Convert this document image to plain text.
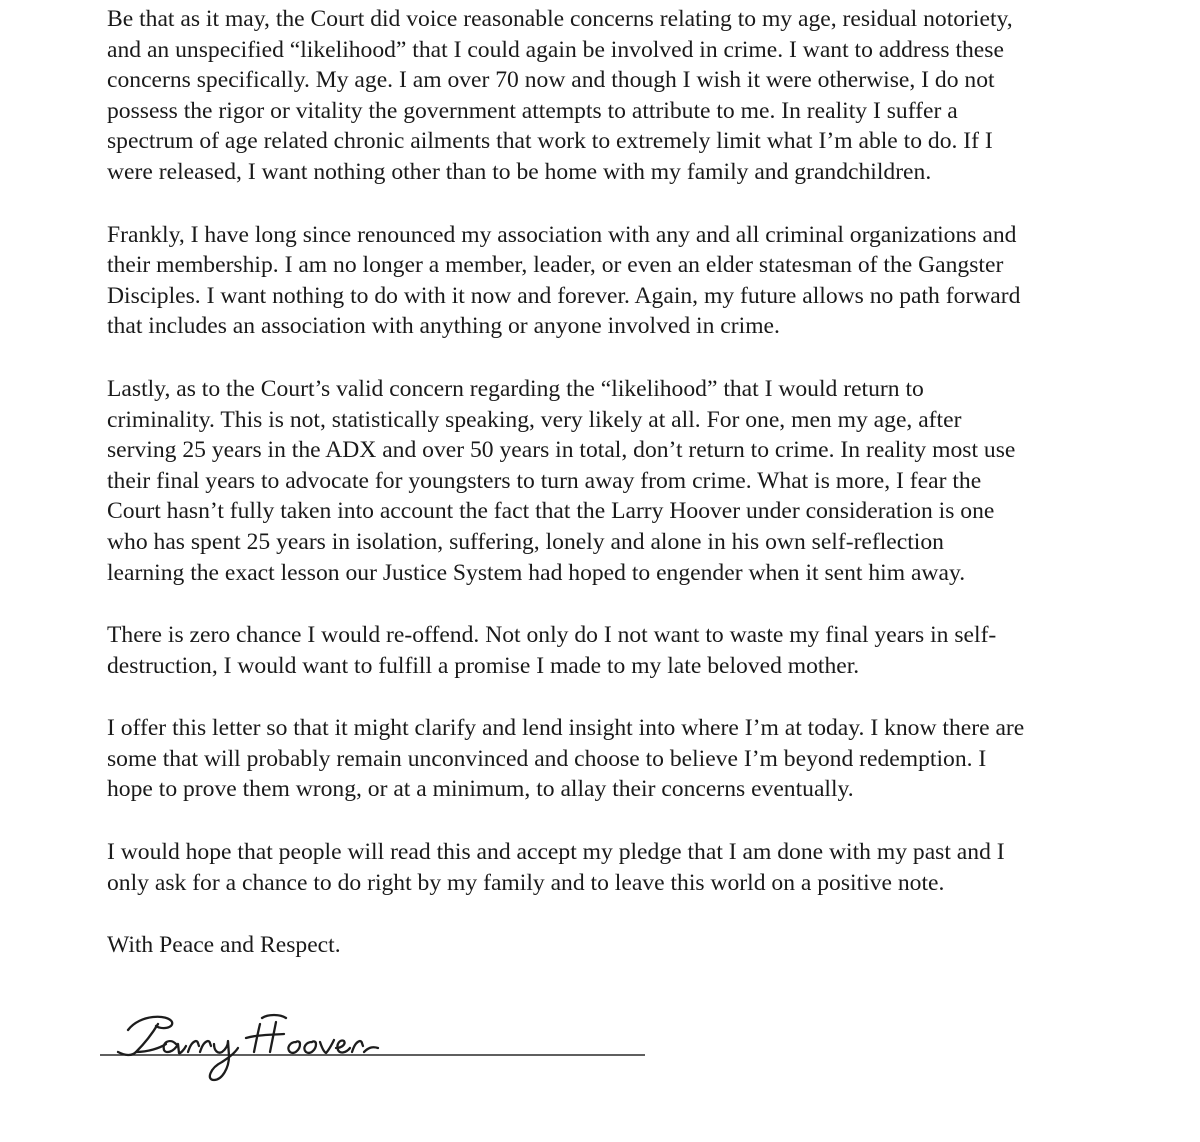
Be that as it may, the Court did voice reasonable concerns relating to my age, residual notoriety,
and an unspecified “likelihood” that I could again be involved in crime. I want to address these
concerns specifically. My age. I am over 70 now and though I wish it were otherwise, I do not
possess the rigor or vitality the government attempts to attribute to me. In reality I suffer a
spectrum of age related chronic ailments that work to extremely limit what I’m able to do. If I
were released, I want nothing other than to be home with my family and grandchildren.

Frankly, I have long since renounced my association with any and all criminal organizations and
their membership. I am no longer a member, leader, or even an elder statesman of the Gangster
Disciples. I want nothing to do with it now and forever. Again, my future allows no path forward
that includes an association with anything or anyone involved in crime.

Lastly, as to the Court’s valid concern regarding the “likelihood” that I would return to
criminality. This is not, statistically speaking, very likely at all. For one, men my age, after
serving 25 years in the ADX and over 50 years in total, don’t return to crime. In reality most use
their final years to advocate for youngsters to turn away from crime. What is more, I fear the
Court hasn’t fully taken into account the fact that the Larry Hoover under consideration is one
who has spent 25 years in isolation, suffering, lonely and alone in his own self-reflection
learning the exact lesson our Justice System had hoped to engender when it sent him away.

There is zero chance I would re-offend. Not only do I not want to waste my final years in self-
destruction, I would want to fulfill a promise I made to my late beloved mother.

I offer this letter so that it might clarify and lend insight into where I’m at today. I know there are
some that will probably remain unconvinced and choose to believe I’m beyond redemption. I
hope to prove them wrong, or at a minimum, to allay their concerns eventually.

I would hope that people will read this and accept my pledge that I am done with my past and I
only ask for a chance to do right by my family and to leave this world on a positive note.

With Peace and Respect.
